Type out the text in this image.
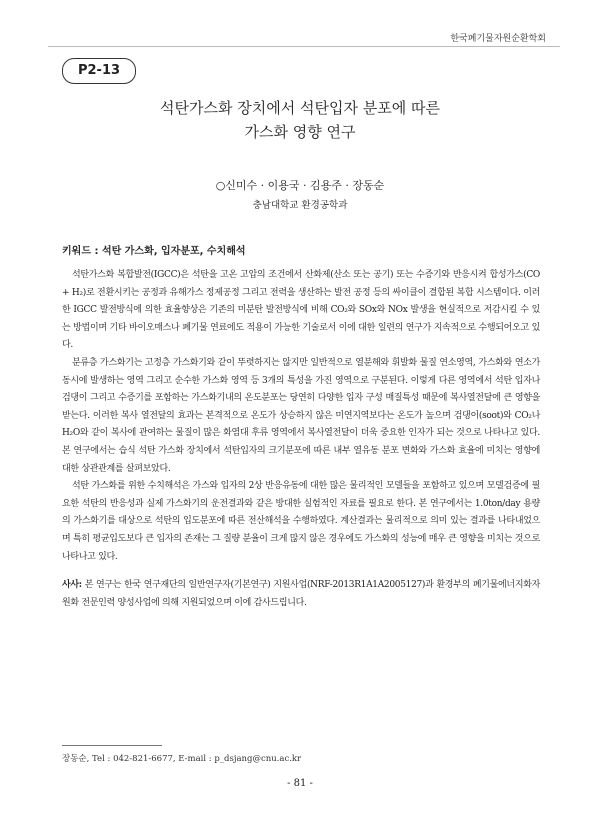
한국폐기물자원순환학회
P2-13
석탄가스화 장치에서 석탄입자 분포에 따른
가스화 영향 연구
○신미수 · 이용국 · 김용주 · 장동순
충남대학교 환경공학과
키워드 : 석탄 가스화, 입자분포, 수치해석

석탄가스화 복합발전(IGCC)은 석탄을 고온 고압의 조건에서 산화제(산소 또는 공기) 또는 수증기와 반응시켜 합성가스(CO + H₂)로 전환시키는 공정과 유해가스 정제공정 그리고 전력을 생산하는 발전 공정 등의 싸이클이 결합된 복합 시스템이다. 이러한 IGCC 발전방식에 의한 효율향상은 기존의 미분탄 발전방식에 비해 CO₂와 SOx와 NOx 발생을 현실적으로 저감시킬 수 있는 방법이며 기타 바이오매스나 폐기물 연료에도 적용이 가능한 기술로서 이에 대한 일련의 연구가 지속적으로 수행되어오고 있다.

분류층 가스화기는 고정층 가스화기와 같이 뚜렷하지는 않지만 일반적으로 열분해와 휘발화 물질 연소영역, 가스화와 연소가 동시에 발생하는 영역 그리고 순수한 가스화 영역 등 3개의 특성을 가진 영역으로 구분된다. 이렇게 다른 영역에서 석탄 입자나 검댕이 그리고 수증기를 포함하는 가스화기내의 온도분포는 당연히 다양한 입자 구성 매질특성 때문에 복사열전달에 큰 영향을 받는다. 이러한 복사 열전달의 효과는 본격적으로 온도가 상승하지 않은 미연지역보다는 온도가 높으며 검댕이(soot)와 CO₂나 H₂O와 같이 복사에 관여하는 물질이 많은 화염대 후류 영역에서 복사열전달이 더욱 중요한 인자가 되는 것으로 나타나고 있다. 본 연구에서는 습식 석탄 가스화 장치에서 석탄입자의 크기분포에 따른 내부 열유동 분포 변화와 가스화 효율에 미치는 영향에 대한 상관관계를 살펴보았다.

석탄 가스화를 위한 수치해석은 가스와 입자의 2상 반응유동에 대한 많은 물리적인 모델들을 포함하고 있으며 모델검증에 필요한 석탄의 반응성과 실제 가스화기의 운전결과와 같은 방대한 실험적인 자료를 필요로 한다. 본 연구에서는 1.0ton/day 용량의 가스화기를 대상으로 석탄의 입도분포에 따른 전산해석을 수행하였다. 계산결과는 물리적으로 의미 있는 결과를 나타내었으며 특히 평균입도보다 큰 입자의 존재는 그 질량 분율이 크게 많지 않은 경우에도 가스화의 성능에 매우 큰 영향을 미치는 것으로 나타나고 있다.

사사: 본 연구는 한국 연구재단의 일반연구자(기본연구) 지원사업(NRF-2013R1A1A2005127)과 환경부의 폐기물에너지화자원화 전문인력 양성사업에 의해 지원되었으며 이에 감사드립니다.
장동순, Tel : 042-821-6677, E-mail : p_dsjang@cnu.ac.kr
- 81 -
